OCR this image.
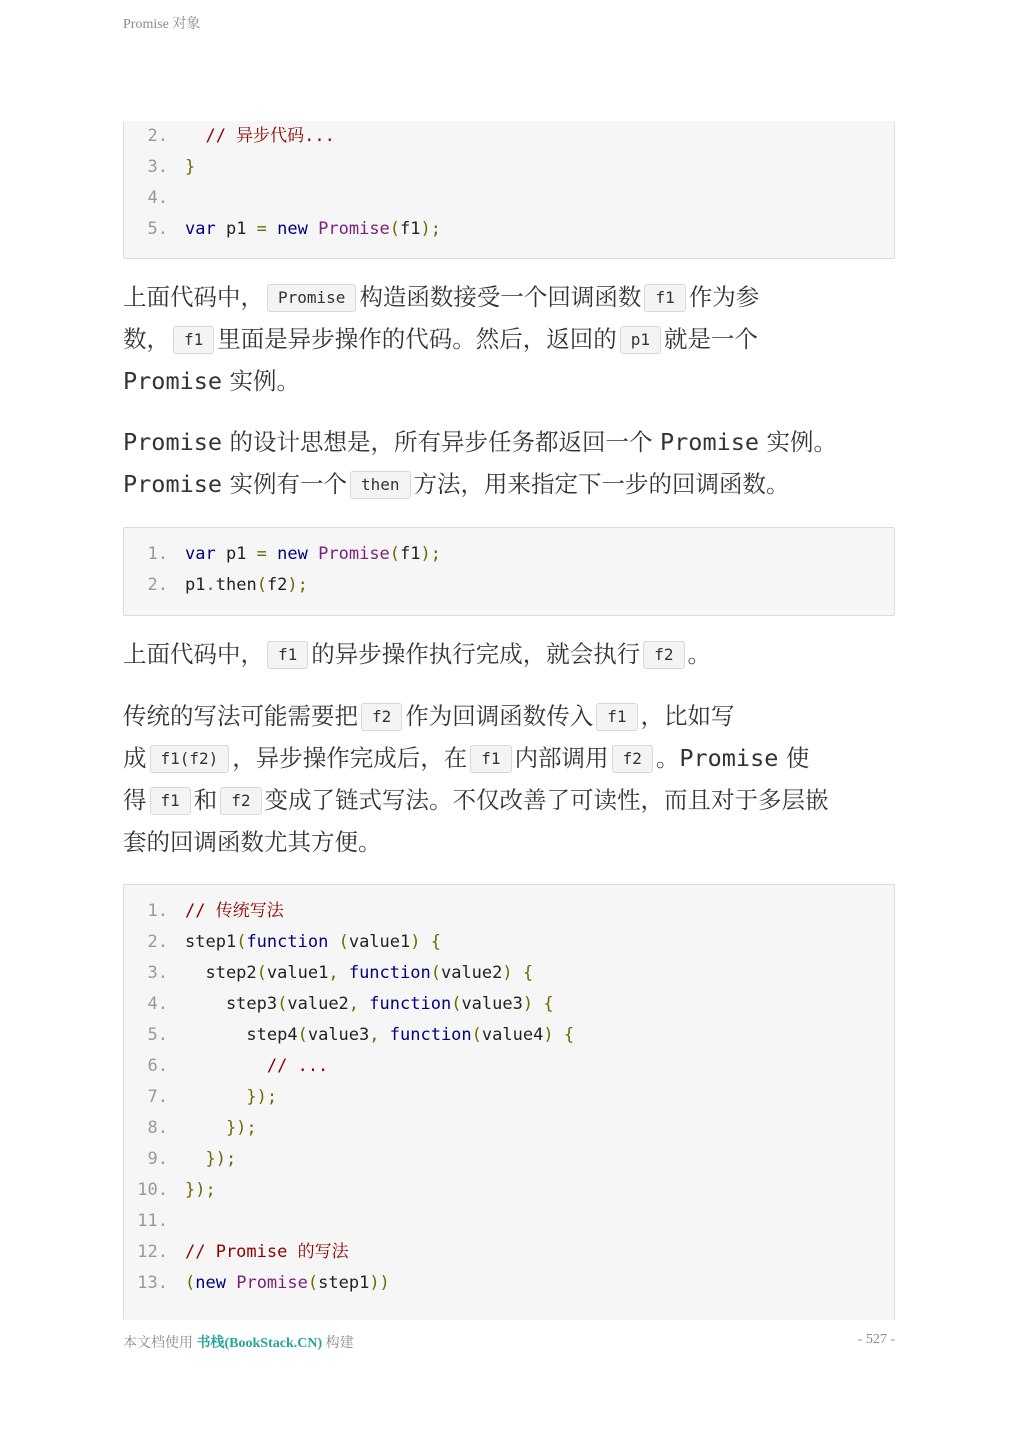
Promise 对象
2. // 异步代码...
3. }
4.
5. var p1 = new Promise(f1);
上面代码中， Promise 构造函数接受一个回调函数 f1 作为参
数， f1 里面是异步操作的代码。然后，返回的 p1 就是一个
Promise 实例。
Promise 的设计思想是，所有异步任务都返回一个 Promise 实例。
Promise 实例有一个 then 方法，用来指定下一步的回调函数。
1. var p1 = new Promise(f1);
2. p1.then(f2);
上面代码中， f1 的异步操作执行完成，就会执行 f2 。
传统的写法可能需要把 f2 作为回调函数传入 f1 ，比如写
成 f1(f2) ，异步操作完成后，在 f1 内部调用 f2 。Promise 使
得 f1 和 f2 变成了链式写法。不仅改善了可读性，而且对于多层嵌
套的回调函数尤其方便。
1. // 传统写法
2. step1(function (value1) {
3. step2(value1, function(value2) {
4. step3(value2, function(value3) {
5. step4(value3, function(value4) {
6. // ...
7. });
8. });
9. });
10. });
11.
12. // Promise 的写法
13. (new Promise(step1))
本文档使用 书栈(BookStack.CN) 构建	- 527 -
